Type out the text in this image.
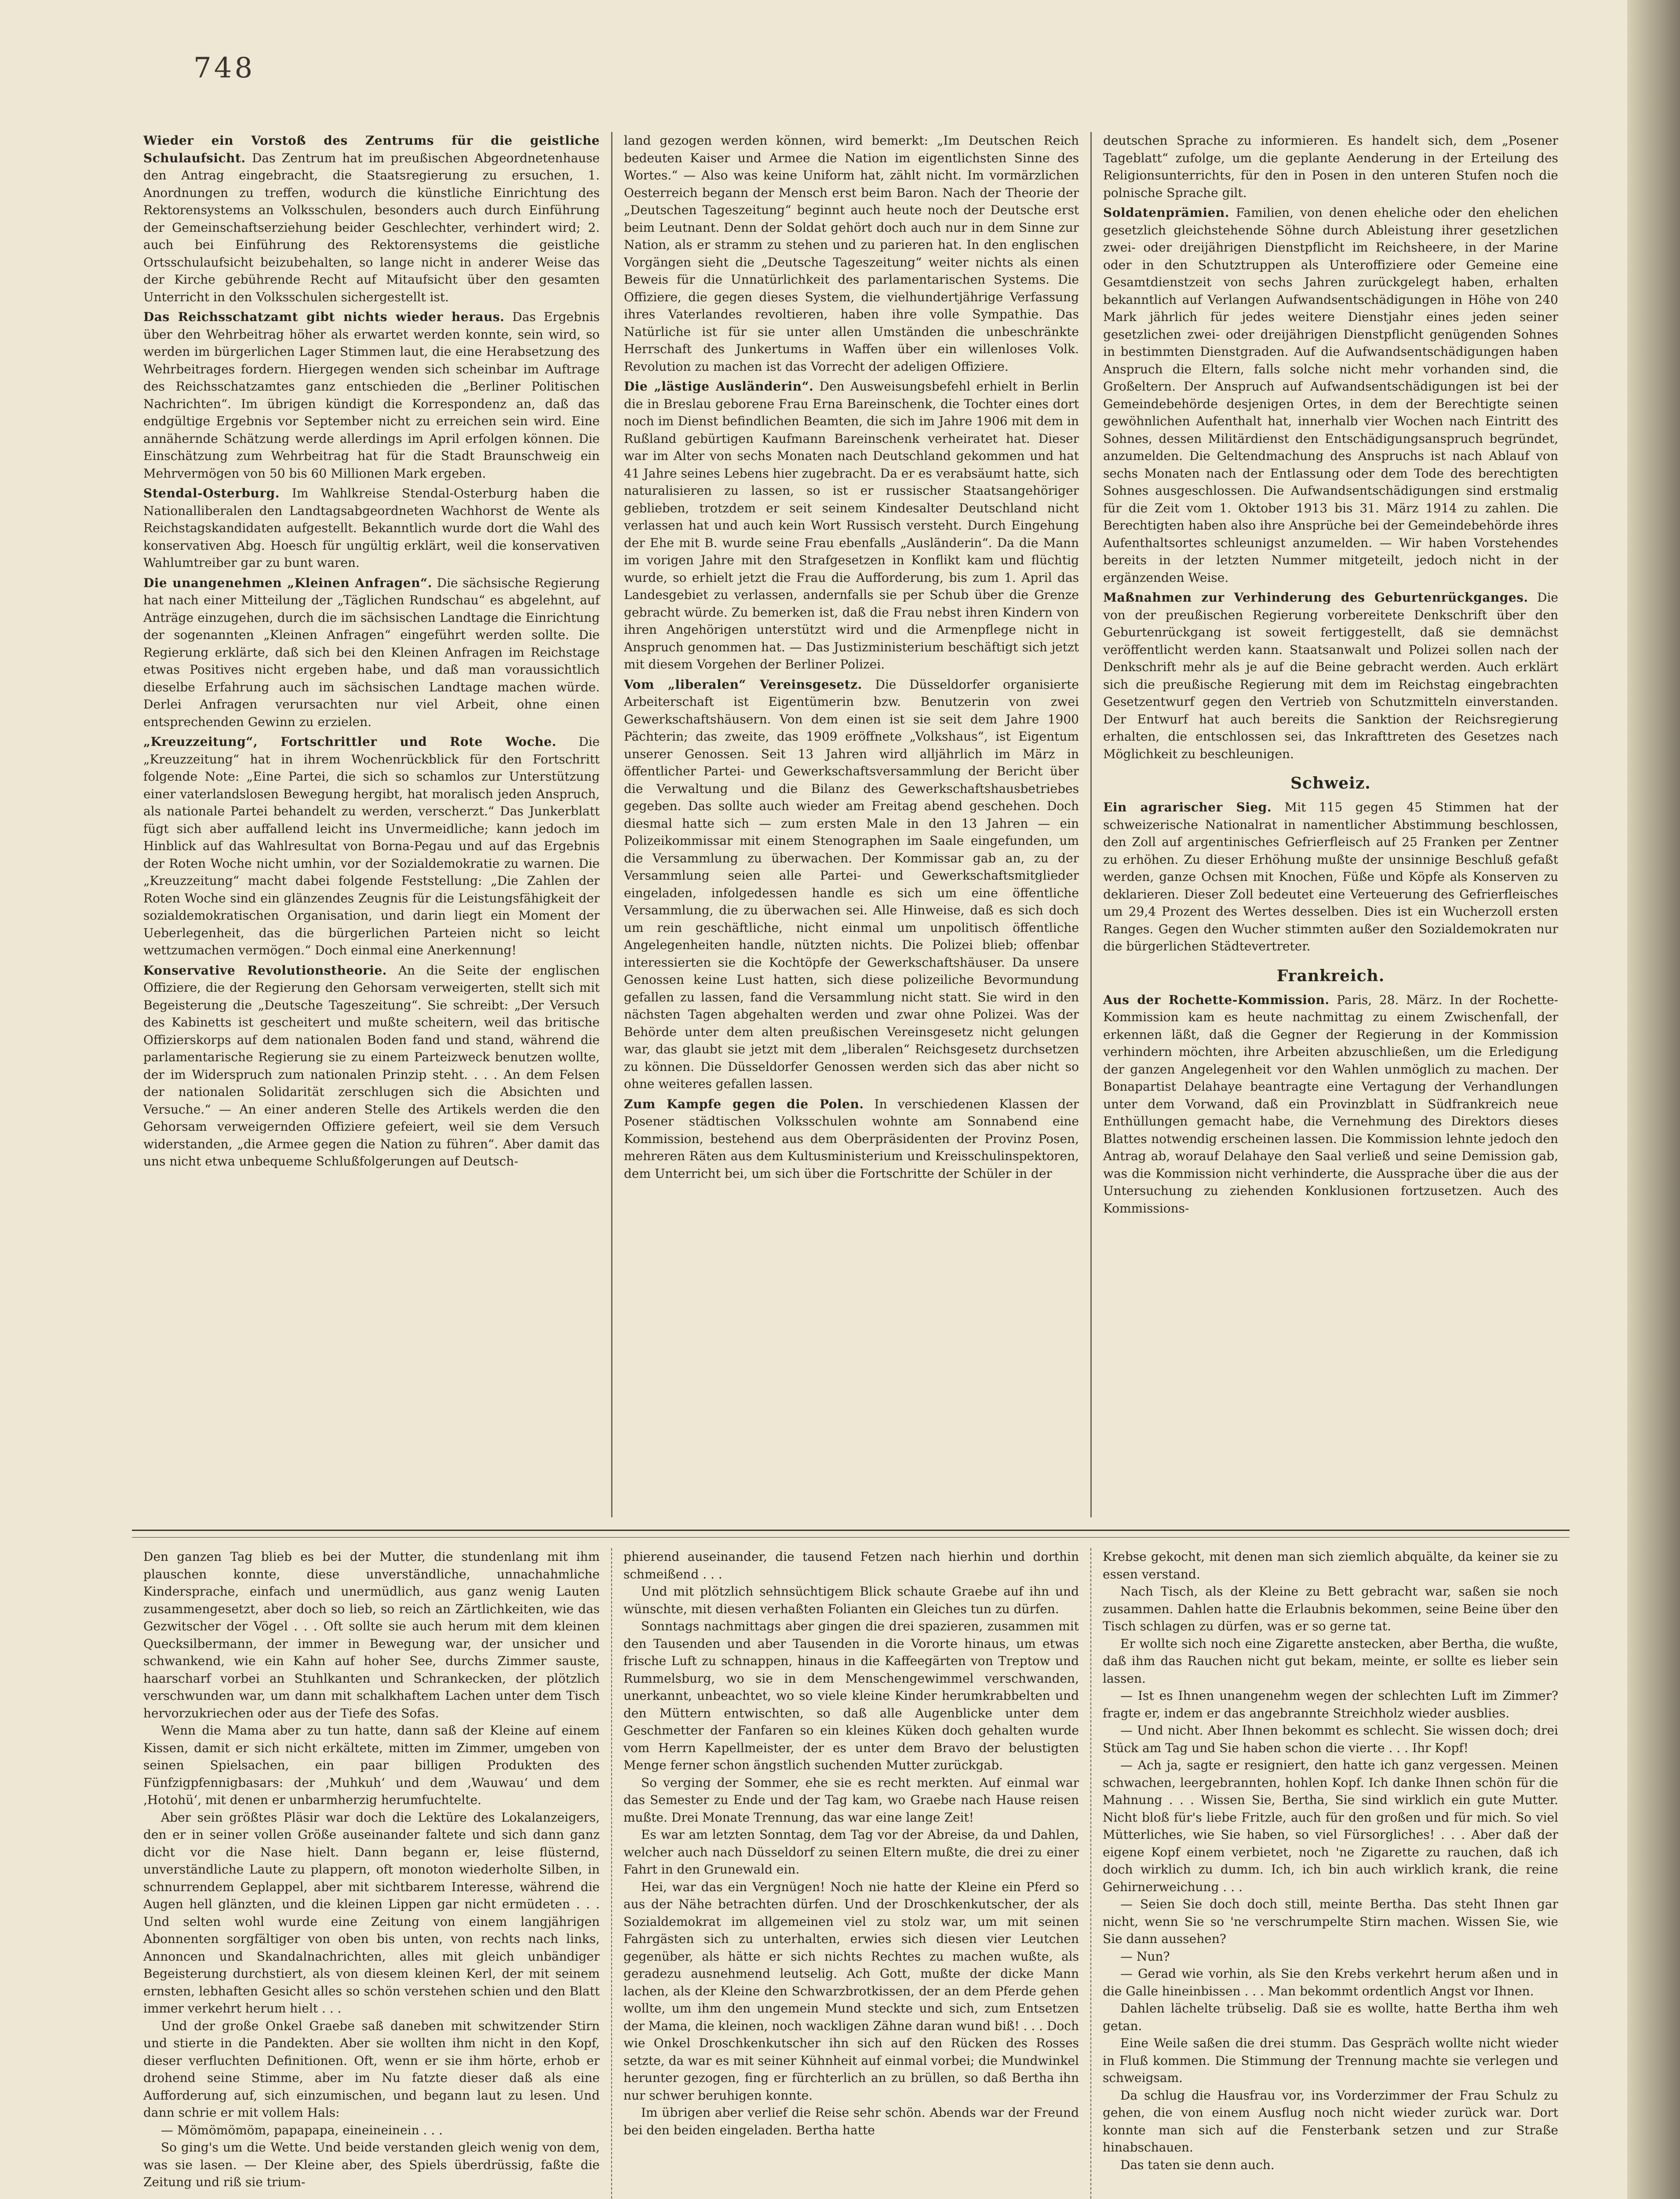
748

Wieder ein Vorstoß des Zentrums für die geistliche Schulaufsicht. Das Zentrum hat im preußischen Abgeordnetenhause den Antrag eingebracht, die Staatsregierung zu ersuchen, 1. Anordnungen zu treffen, wodurch die künstliche Einrichtung des Rektorensystems an Volksschulen, besonders auch durch Einführung der Gemeinschaftserziehung beider Geschlechter, verhindert wird; 2. auch bei Einführung des Rektorensystems die geistliche Ortsschulaufsicht beizubehalten, so lange nicht in anderer Weise das der Kirche gebührende Recht auf Mitaufsicht über den gesamten Unterricht in den Volksschulen sichergestellt ist.

Das Reichsschatzamt gibt nichts wieder heraus. Das Ergebnis über den Wehrbeitrag höher als erwartet werden konnte, sein wird, so werden im bürgerlichen Lager Stimmen laut, die eine Herabsetzung des Wehrbeitrages fordern. Hiergegen wenden sich scheinbar im Auftrage des Reichsschatzamtes ganz entschieden die „Berliner Politischen Nachrichten“. Im übrigen kündigt die Korrespondenz an, daß das endgültige Ergebnis vor September nicht zu erreichen sein wird. Eine annähernde Schätzung werde allerdings im April erfolgen können. Die Einschätzung zum Wehrbeitrag hat für die Stadt Braunschweig ein Mehrvermögen von 50 bis 60 Millionen Mark ergeben.

Stendal-Osterburg. Im Wahlkreise Stendal-Osterburg haben die Nationalliberalen den Landtagsabgeordneten Wachhorst de Wente als Reichstagskandidaten aufgestellt. Bekanntlich wurde dort die Wahl des konservativen Abg. Hoesch für ungültig erklärt, weil die konservativen Wahlumtreiber gar zu bunt waren.

Die unangenehmen „Kleinen Anfragen“. Die sächsische Regierung hat nach einer Mitteilung der „Täglichen Rundschau“ es abgelehnt, auf Anträge einzugehen, durch die im sächsischen Landtage die Einrichtung der sogenannten „Kleinen Anfragen“ eingeführt werden sollte. Die Regierung erklärte, daß sich bei den Kleinen Anfragen im Reichstage etwas Positives nicht ergeben habe, und daß man voraussichtlich dieselbe Erfahrung auch im sächsischen Landtage machen würde. Derlei Anfragen verursachten nur viel Arbeit, ohne einen entsprechenden Gewinn zu erzielen.

„Kreuzzeitung“, Fortschrittler und Rote Woche. Die „Kreuzzeitung“ hat in ihrem Wochenrückblick für den Fortschritt folgende Note: „Eine Partei, die sich so schamlos zur Unterstützung einer vaterlandslosen Bewegung hergibt, hat moralisch jeden Anspruch, als nationale Partei behandelt zu werden, verscherzt.“ Das Junkerblatt fügt sich aber auffallend leicht ins Unvermeidliche; kann jedoch im Hinblick auf das Wahlresultat von Borna-Pegau und auf das Ergebnis der Roten Woche nicht umhin, vor der Sozialdemokratie zu warnen. Die „Kreuzzeitung“ macht dabei folgende Feststellung: „Die Zahlen der Roten Woche sind ein glänzendes Zeugnis für die Leistungsfähigkeit der sozialdemokratischen Organisation, und darin liegt ein Moment der Ueberlegenheit, das die bürgerlichen Parteien nicht so leicht wettzumachen vermögen.“ Doch einmal eine Anerkennung!

Konservative Revolutionstheorie. An die Seite der englischen Offiziere, die der Regierung den Gehorsam verweigerten, stellt sich mit Begeisterung die „Deutsche Tageszeitung“. Sie schreibt: „Der Versuch des Kabinetts ist gescheitert und mußte scheitern, weil das britische Offizierskorps auf dem nationalen Boden fand und stand, während die parlamentarische Regierung sie zu einem Parteizweck benutzen wollte, der im Widerspruch zum nationalen Prinzip steht. . . . An dem Felsen der nationalen Solidarität zerschlugen sich die Absichten und Versuche.“ — An einer anderen Stelle des Artikels werden die den Gehorsam verweigernden Offiziere gefeiert, weil sie dem Versuch widerstanden, „die Armee gegen die Nation zu führen“. Aber damit das uns nicht etwa unbequeme Schlußfolgerungen auf Deutsch-

land gezogen werden können, wird bemerkt: „Im Deutschen Reich bedeuten Kaiser und Armee die Nation im eigentlichsten Sinne des Wortes.“ — Also was keine Uniform hat, zählt nicht. Im vormärzlichen Oesterreich begann der Mensch erst beim Baron. Nach der Theorie der „Deutschen Tageszeitung“ beginnt auch heute noch der Deutsche erst beim Leutnant. Denn der Soldat gehört doch auch nur in dem Sinne zur Nation, als er stramm zu stehen und zu parieren hat. In den englischen Vorgängen sieht die „Deutsche Tageszeitung“ weiter nichts als einen Beweis für die Unnatürlichkeit des parlamentarischen Systems. Die Offiziere, die gegen dieses System, die vielhundertjährige Verfassung ihres Vaterlandes revoltieren, haben ihre volle Sympathie. Das Natürliche ist für sie unter allen Umständen die unbeschränkte Herrschaft des Junkertums in Waffen über ein willenloses Volk. Revolution zu machen ist das Vorrecht der adeligen Offiziere.

Die „lästige Ausländerin“. Den Ausweisungsbefehl erhielt in Berlin die in Breslau geborene Frau Erna Bareinschenk, die Tochter eines dort noch im Dienst befindlichen Beamten, die sich im Jahre 1906 mit dem in Rußland gebürtigen Kaufmann Bareinschenk verheiratet hat. Dieser war im Alter von sechs Monaten nach Deutschland gekommen und hat 41 Jahre seines Lebens hier zugebracht. Da er es verabsäumt hatte, sich naturalisieren zu lassen, so ist er russischer Staatsangehöriger geblieben, trotzdem er seit seinem Kindesalter Deutschland nicht verlassen hat und auch kein Wort Russisch versteht. Durch Eingehung der Ehe mit B. wurde seine Frau ebenfalls „Ausländerin“. Da die Mann im vorigen Jahre mit den Strafgesetzen in Konflikt kam und flüchtig wurde, so erhielt jetzt die Frau die Aufforderung, bis zum 1. April das Landesgebiet zu verlassen, andernfalls sie per Schub über die Grenze gebracht würde. Zu bemerken ist, daß die Frau nebst ihren Kindern von ihren Angehörigen unterstützt wird und die Armenpflege nicht in Anspruch genommen hat. — Das Justizministerium beschäftigt sich jetzt mit diesem Vorgehen der Berliner Polizei.

Vom „liberalen“ Vereinsgesetz. Die Düsseldorfer organisierte Arbeiterschaft ist Eigentümerin bzw. Benutzerin von zwei Gewerkschaftshäusern. Von dem einen ist sie seit dem Jahre 1900 Pächterin; das zweite, das 1909 eröffnete „Volkshaus“, ist Eigentum unserer Genossen. Seit 13 Jahren wird alljährlich im März in öffentlicher Partei- und Gewerkschaftsversammlung der Bericht über die Verwaltung und die Bilanz des Gewerkschaftshausbetriebes gegeben. Das sollte auch wieder am Freitag abend geschehen. Doch diesmal hatte sich — zum ersten Male in den 13 Jahren — ein Polizeikommissar mit einem Stenographen im Saale eingefunden, um die Versammlung zu überwachen. Der Kommissar gab an, zu der Versammlung seien alle Partei- und Gewerkschaftsmitglieder eingeladen, infolgedessen handle es sich um eine öffentliche Versammlung, die zu überwachen sei. Alle Hinweise, daß es sich doch um rein geschäftliche, nicht einmal um unpolitisch öffentliche Angelegenheiten handle, nützten nichts. Die Polizei blieb; offenbar interessierten sie die Kochtöpfe der Gewerkschaftshäuser. Da unsere Genossen keine Lust hatten, sich diese polizeiliche Bevormundung gefallen zu lassen, fand die Versammlung nicht statt. Sie wird in den nächsten Tagen abgehalten werden und zwar ohne Polizei. Was der Behörde unter dem alten preußischen Vereinsgesetz nicht gelungen war, das glaubt sie jetzt mit dem „liberalen“ Reichsgesetz durchsetzen zu können. Die Düsseldorfer Genossen werden sich das aber nicht so ohne weiteres gefallen lassen.

Zum Kampfe gegen die Polen. In verschiedenen Klassen der Posener städtischen Volksschulen wohnte am Sonnabend eine Kommission, bestehend aus dem Oberpräsidenten der Provinz Posen, mehreren Räten aus dem Kultusministerium und Kreisschulinspektoren, dem Unterricht bei, um sich über die Fortschritte der Schüler in der

deutschen Sprache zu informieren. Es handelt sich, dem „Posener Tageblatt“ zufolge, um die geplante Aenderung in der Erteilung des Religionsunterrichts, für den in Posen in den unteren Stufen noch die polnische Sprache gilt.

Soldatenprämien. Familien, von denen eheliche oder den ehelichen gesetzlich gleichstehende Söhne durch Ableistung ihrer gesetzlichen zwei- oder dreijährigen Dienstpflicht im Reichsheere, in der Marine oder in den Schutztruppen als Unteroffiziere oder Gemeine eine Gesamtdienstzeit von sechs Jahren zurückgelegt haben, erhalten bekanntlich auf Verlangen Aufwandsentschädigungen in Höhe von 240 Mark jährlich für jedes weitere Dienstjahr eines jeden seiner gesetzlichen zwei- oder dreijährigen Dienstpflicht genügenden Sohnes in bestimmten Dienstgraden. Auf die Aufwandsentschädigungen haben Anspruch die Eltern, falls solche nicht mehr vorhanden sind, die Großeltern. Der Anspruch auf Aufwandsentschädigungen ist bei der Gemeindebehörde desjenigen Ortes, in dem der Berechtigte seinen gewöhnlichen Aufenthalt hat, innerhalb vier Wochen nach Eintritt des Sohnes, dessen Militärdienst den Entschädigungsanspruch begründet, anzumelden. Die Geltendmachung des Anspruchs ist nach Ablauf von sechs Monaten nach der Entlassung oder dem Tode des berechtigten Sohnes ausgeschlossen. Die Aufwandsentschädigungen sind erstmalig für die Zeit vom 1. Oktober 1913 bis 31. März 1914 zu zahlen. Die Berechtigten haben also ihre Ansprüche bei der Gemeindebehörde ihres Aufenthaltsortes schleunigst anzumelden. — Wir haben Vorstehendes bereits in der letzten Nummer mitgeteilt, jedoch nicht in der ergänzenden Weise.

Maßnahmen zur Verhinderung des Geburtenrückganges. Die von der preußischen Regierung vorbereitete Denkschrift über den Geburtenrückgang ist soweit fertiggestellt, daß sie demnächst veröffentlicht werden kann. Staatsanwalt und Polizei sollen nach der Denkschrift mehr als je auf die Beine gebracht werden. Auch erklärt sich die preußische Regierung mit dem im Reichstag eingebrachten Gesetzentwurf gegen den Vertrieb von Schutzmitteln einverstanden. Der Entwurf hat auch bereits die Sanktion der Reichsregierung erhalten, die entschlossen sei, das Inkrafttreten des Gesetzes nach Möglichkeit zu beschleunigen.

Schweiz.

Ein agrarischer Sieg. Mit 115 gegen 45 Stimmen hat der schweizerische Nationalrat in namentlicher Abstimmung beschlossen, den Zoll auf argentinisches Gefrierfleisch auf 25 Franken per Zentner zu erhöhen. Zu dieser Erhöhung mußte der unsinnige Beschluß gefaßt werden, ganze Ochsen mit Knochen, Füße und Köpfe als Konserven zu deklarieren. Dieser Zoll bedeutet eine Verteuerung des Gefrierfleisches um 29,4 Prozent des Wertes desselben. Dies ist ein Wucherzoll ersten Ranges. Gegen den Wucher stimmten außer den Sozialdemokraten nur die bürgerlichen Städtevertreter.

Frankreich.

Aus der Rochette-Kommission. Paris, 28. März. In der Rochette-Kommission kam es heute nachmittag zu einem Zwischenfall, der erkennen läßt, daß die Gegner der Regierung in der Kommission verhindern möchten, ihre Arbeiten abzuschließen, um die Erledigung der ganzen Angelegenheit vor den Wahlen unmöglich zu machen. Der Bonapartist Delahaye beantragte eine Vertagung der Verhandlungen unter dem Vorwand, daß ein Provinzblatt in Südfrankreich neue Enthüllungen gemacht habe, die Vernehmung des Direktors dieses Blattes notwendig erscheinen lassen. Die Kommission lehnte jedoch den Antrag ab, worauf Delahaye den Saal verließ und seine Demission gab, was die Kommission nicht verhinderte, die Aussprache über die aus der Untersuchung zu ziehenden Konklusionen fortzusetzen. Auch des Kommissions-

Den ganzen Tag blieb es bei der Mutter, die stundenlang mit ihm plauschen konnte, diese unverständliche, unnachahmliche Kindersprache, einfach und unermüdlich, aus ganz wenig Lauten zusammengesetzt, aber doch so lieb, so reich an Zärtlichkeiten, wie das Gezwitscher der Vögel . . . Oft sollte sie auch herum mit dem kleinen Quecksilbermann, der immer in Bewegung war, der unsicher und schwankend, wie ein Kahn auf hoher See, durchs Zimmer sauste, haarscharf vorbei an Stuhlkanten und Schrankecken, der plötzlich verschwunden war, um dann mit schalkhaftem Lachen unter dem Tisch hervorzukriechen oder aus der Tiefe des Sofas.

Wenn die Mama aber zu tun hatte, dann saß der Kleine auf einem Kissen, damit er sich nicht erkältete, mitten im Zimmer, umgeben von seinen Spielsachen, ein paar billigen Produkten des Fünfzigpfennigbasars: der ‚Muhkuh‘ und dem ‚Wauwau‘ und dem ‚Hotohü‘, mit denen er unbarmherzig herumfuchtelte.

Aber sein größtes Pläsir war doch die Lektüre des Lokalanzeigers, den er in seiner vollen Größe auseinander faltete und sich dann ganz dicht vor die Nase hielt. Dann begann er, leise flüsternd, unverständliche Laute zu plappern, oft monoton wiederholte Silben, in schnurrendem Geplappel, aber mit sichtbarem Interesse, während die Augen hell glänzten, und die kleinen Lippen gar nicht ermüdeten . . . Und selten wohl wurde eine Zeitung von einem langjährigen Abonnenten sorgfältiger von oben bis unten, von rechts nach links, Annoncen und Skandalnachrichten, alles mit gleich unbändiger Begeisterung durchstiert, als von diesem kleinen Kerl, der mit seinem ernsten, lebhaften Gesicht alles so schön verstehen schien und den Blatt immer verkehrt herum hielt . . .

Und der große Onkel Graebe saß daneben mit schwitzender Stirn und stierte in die Pandekten. Aber sie wollten ihm nicht in den Kopf, dieser verfluchten Definitionen. Oft, wenn er sie ihm hörte, erhob er drohend seine Stimme, aber im Nu fatzte dieser daß als eine Aufforderung auf, sich einzumischen, und begann laut zu lesen. Und dann schrie er mit vollem Hals:

— Mömömömöm, papapapa, eineineinein . . .

So ging's um die Wette. Und beide verstanden gleich wenig von dem, was sie lasen. — Der Kleine aber, des Spiels überdrüssig, faßte die Zeitung und riß sie trium-

phierend auseinander, die tausend Fetzen nach hierhin und dorthin schmeißend . . .

Und mit plötzlich sehnsüchtigem Blick schaute Graebe auf ihn und wünschte, mit diesen verhaßten Folianten ein Gleiches tun zu dürfen.

Sonntags nachmittags aber gingen die drei spazieren, zusammen mit den Tausenden und aber Tausenden in die Vororte hinaus, um etwas frische Luft zu schnappen, hinaus in die Kaffeegärten von Treptow und Rummelsburg, wo sie in dem Menschengewimmel verschwanden, unerkannt, unbeachtet, wo so viele kleine Kinder herumkrabbelten und den Müttern entwischten, so daß alle Augenblicke unter dem Geschmetter der Fanfaren so ein kleines Küken doch gehalten wurde vom Herrn Kapellmeister, der es unter dem Bravo der belustigten Menge ferner schon ängstlich suchenden Mutter zurückgab.

So verging der Sommer, ehe sie es recht merkten. Auf einmal war das Semester zu Ende und der Tag kam, wo Graebe nach Hause reisen mußte. Drei Monate Trennung, das war eine lange Zeit!

Es war am letzten Sonntag, dem Tag vor der Abreise, da und Dahlen, welcher auch nach Düsseldorf zu seinen Eltern mußte, die drei zu einer Fahrt in den Grunewald ein.

Hei, war das ein Vergnügen! Noch nie hatte der Kleine ein Pferd so aus der Nähe betrachten dürfen. Und der Droschkenkutscher, der als Sozialdemokrat im allgemeinen viel zu stolz war, um mit seinen Fahrgästen sich zu unterhalten, erwies sich diesen vier Leutchen gegenüber, als hätte er sich nichts Rechtes zu machen wußte, als geradezu ausnehmend leutselig. Ach Gott, mußte der dicke Mann lachen, als der Kleine den Schwarzbrotkissen, der an dem Pferde gehen wollte, um ihm den ungemein Mund steckte und sich, zum Entsetzen der Mama, die kleinen, noch wackligen Zähne daran wund biß! . . . Doch wie Onkel Droschkenkutscher ihn sich auf den Rücken des Rosses setzte, da war es mit seiner Kühnheit auf einmal vorbei; die Mundwinkel herunter gezogen, fing er fürchterlich an zu brüllen, so daß Bertha ihn nur schwer beruhigen konnte.

Im übrigen aber verlief die Reise sehr schön. Abends war der Freund bei den beiden eingeladen. Bertha hatte

Krebse gekocht, mit denen man sich ziemlich abquälte, da keiner sie zu essen verstand.

Nach Tisch, als der Kleine zu Bett gebracht war, saßen sie noch zusammen. Dahlen hatte die Erlaubnis bekommen, seine Beine über den Tisch schlagen zu dürfen, was er so gerne tat.

Er wollte sich noch eine Zigarette anstecken, aber Bertha, die wußte, daß ihm das Rauchen nicht gut bekam, meinte, er sollte es lieber sein lassen.

— Ist es Ihnen unangenehm wegen der schlechten Luft im Zimmer? fragte er, indem er das angebrannte Streichholz wieder ausblies.

— Und nicht. Aber Ihnen bekommt es schlecht. Sie wissen doch; drei Stück am Tag und Sie haben schon die vierte . . . Ihr Kopf!

— Ach ja, sagte er resigniert, den hatte ich ganz vergessen. Meinen schwachen, leergebrannten, hohlen Kopf. Ich danke Ihnen schön für die Mahnung . . . Wissen Sie, Bertha, Sie sind wirklich ein gute Mutter. Nicht bloß für's liebe Fritzle, auch für den großen und für mich. So viel Mütterliches, wie Sie haben, so viel Fürsorgliches! . . . Aber daß der eigene Kopf einem verbietet, noch 'ne Zigarette zu rauchen, daß ich doch wirklich zu dumm. Ich, ich bin auch wirklich krank, die reine Gehirnerweichung . . .

— Seien Sie doch doch still, meinte Bertha. Das steht Ihnen gar nicht, wenn Sie so 'ne verschrumpelte Stirn machen. Wissen Sie, wie Sie dann aussehen?

— Nun?

— Gerad wie vorhin, als Sie den Krebs verkehrt herum aßen und in die Galle hineinbissen . . . Man bekommt ordentlich Angst vor Ihnen.

Dahlen lächelte trübselig. Daß sie es wollte, hatte Bertha ihm weh getan.

Eine Weile saßen die drei stumm. Das Gespräch wollte nicht wieder in Fluß kommen. Die Stimmung der Trennung machte sie verlegen und schweigsam.

Da schlug die Hausfrau vor, ins Vorderzimmer der Frau Schulz zu gehen, die von einem Ausflug noch nicht wieder zurück war. Dort konnte man sich auf die Fensterbank setzen und zur Straße hinabschauen.

Das taten sie denn auch.
